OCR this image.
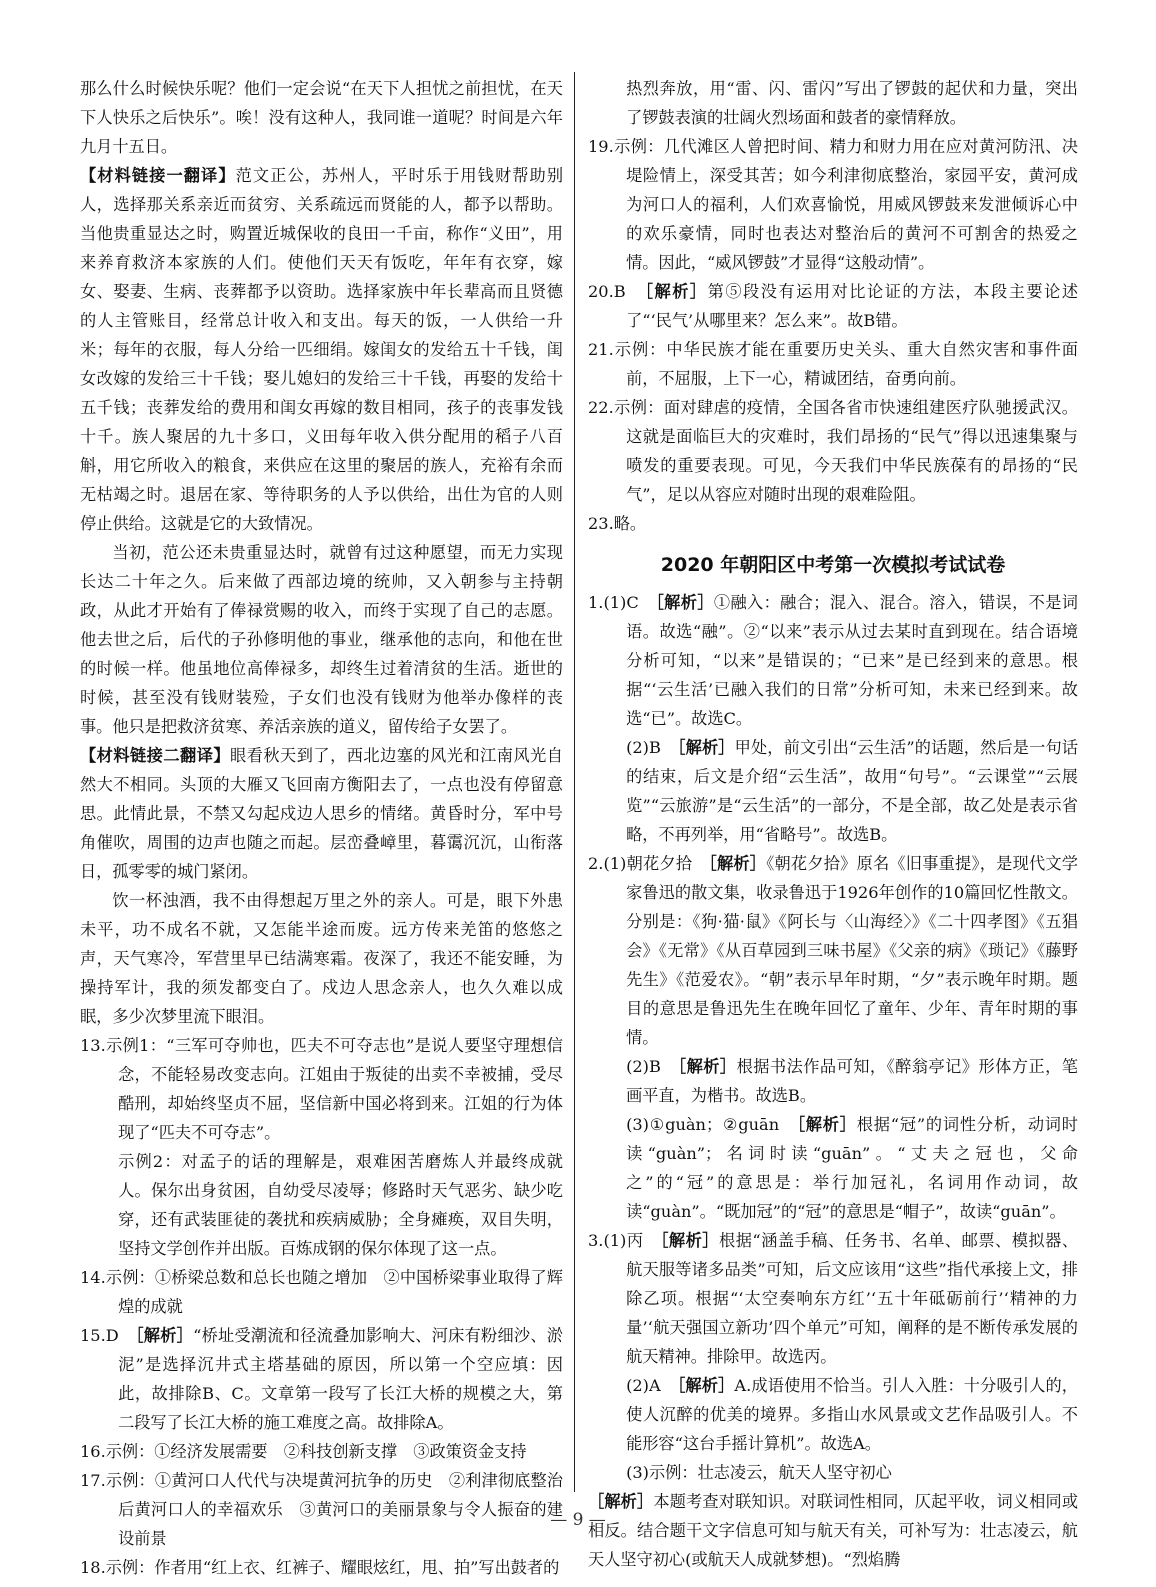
那么什么时候快乐呢？他们一定会说“在天下人担忧之前担忧，在天下人快乐之后快乐”。唉！没有这种人，我同谁一道呢？时间是六年九月十五日。

【材料链接一翻译】范文正公，苏州人，平时乐于用钱财帮助别人，选择那关系亲近而贫穷、关系疏远而贤能的人，都予以帮助。当他贵重显达之时，购置近城保收的良田一千亩，称作“义田”，用来养育救济本家族的人们。使他们天天有饭吃，年年有衣穿，嫁女、娶妻、生病、丧葬都予以资助。选择家族中年长辈高而且贤德的人主管账目，经常总计收入和支出。每天的饭，一人供给一升米；每年的衣服，每人分给一匹细绢。嫁闺女的发给五十千钱，闺女改嫁的发给三十千钱；娶儿媳妇的发给三十千钱，再娶的发给十五千钱；丧葬发给的费用和闺女再嫁的数目相同，孩子的丧事发钱十千。族人聚居的九十多口，义田每年收入供分配用的稻子八百斛，用它所收入的粮食，来供应在这里的聚居的族人，充裕有余而无枯竭之时。退居在家、等待职务的人予以供给，出仕为官的人则停止供给。这就是它的大致情况。

当初，范公还未贵重显达时，就曾有过这种愿望，而无力实现长达二十年之久。后来做了西部边境的统帅，又入朝参与主持朝政，从此才开始有了俸禄赏赐的收入，而终于实现了自己的志愿。他去世之后，后代的子孙修明他的事业，继承他的志向，和他在世的时候一样。他虽地位高俸禄多，却终生过着清贫的生活。逝世的时候，甚至没有钱财装殓，子女们也没有钱财为他举办像样的丧事。他只是把救济贫寒、养活亲族的道义，留传给子女罢了。

【材料链接二翻译】眼看秋天到了，西北边塞的风光和江南风光自然大不相同。头顶的大雁又飞回南方衡阳去了，一点也没有停留意思。此情此景，不禁又勾起戍边人思乡的情绪。黄昏时分，军中号角催吹，周围的边声也随之而起。层峦叠嶂里，暮霭沉沉，山衔落日，孤零零的城门紧闭。

饮一杯浊酒，我不由得想起万里之外的亲人。可是，眼下外患未平，功不成名不就，又怎能半途而废。远方传来羌笛的悠悠之声，天气寒冷，军营里早已结满寒霜。夜深了，我还不能安睡，为操持军计，我的须发都变白了。戍边人思念亲人，也久久难以成眠，多少次梦里流下眼泪。

13.示例1：“三军可夺帅也，匹夫不可夺志也”是说人要坚守理想信念，不能轻易改变志向。江姐由于叛徒的出卖不幸被捕，受尽酷刑，却始终坚贞不屈，坚信新中国必将到来。江姐的行为体现了“匹夫不可夺志”。

示例2：对孟子的话的理解是，艰难困苦磨炼人并最终成就人。保尔出身贫困，自幼受尽凌辱；修路时天气恶劣、缺少吃穿，还有武装匪徒的袭扰和疾病威胁；全身瘫痪，双目失明，坚持文学创作并出版。百炼成钢的保尔体现了这一点。

14.示例：①桥梁总数和总长也随之增加　②中国桥梁事业取得了辉煌的成就

15.D　［解析］“桥址受潮流和径流叠加影响大、河床有粉细沙、淤泥”是选择沉井式主塔基础的原因，所以第一个空应填：因此，故排除B、C。文章第一段写了长江大桥的规模之大，第二段写了长江大桥的施工难度之高。故排除A。

16.示例：①经济发展需要　②科技创新支撑　③政策资金支持

17.示例：①黄河口人代代与决堤黄河抗争的历史　②利津彻底整治后黄河口人的幸福欢乐　③黄河口的美丽景象与令人振奋的建设前景

18.示例：作者用“红上衣、红裤子、耀眼炫红，甩、拍”写出鼓者的

热烈奔放，用“雷、闪、雷闪”写出了锣鼓的起伏和力量，突出了锣鼓表演的壮阔火烈场面和鼓者的豪情释放。

19.示例：几代滩区人曾把时间、精力和财力用在应对黄河防汛、决堤险情上，深受其苦；如今利津彻底整治，家园平安，黄河成为河口人的福利，人们欢喜愉悦，用威风锣鼓来发泄倾诉心中的欢乐豪情，同时也表达对整治后的黄河不可割舍的热爱之情。因此，“威风锣鼓”才显得“这般动情”。

20.B　［解析］第⑤段没有运用对比论证的方法，本段主要论述了“‘民气’从哪里来？怎么来”。故B错。

21.示例：中华民族才能在重要历史关头、重大自然灾害和事件面前，不屈服，上下一心，精诚团结，奋勇向前。

22.示例：面对肆虐的疫情，全国各省市快速组建医疗队驰援武汉。这就是面临巨大的灾难时，我们昂扬的“民气”得以迅速集聚与喷发的重要表现。可见，今天我们中华民族葆有的昂扬的“民气”，足以从容应对随时出现的艰难险阻。

23.略。

2020 年朝阳区中考第一次模拟考试试卷

1.(1)C　［解析］①融入：融合；混入、混合。溶入，错误，不是词语。故选“融”。②“以来”表示从过去某时直到现在。结合语境分析可知，“以来”是错误的；“已来”是已经到来的意思。根据“‘云生活’已融入我们的日常”分析可知，未来已经到来。故选“已”。故选C。

(2)B　［解析］甲处，前文引出“云生活”的话题，然后是一句话的结束，后文是介绍“云生活”，故用“句号”。“云课堂”“云展览”“云旅游”是“云生活”的一部分，不是全部，故乙处是表示省略，不再列举，用“省略号”。故选B。

2.(1)朝花夕拾　［解析］《朝花夕拾》原名《旧事重提》，是现代文学家鲁迅的散文集，收录鲁迅于1926年创作的10篇回忆性散文。分别是：《狗·猫·鼠》《阿长与〈山海经〉》《二十四孝图》《五猖会》《无常》《从百草园到三味书屋》《父亲的病》《琐记》《藤野先生》《范爱农》。“朝”表示早年时期，“夕”表示晚年时期。题目的意思是鲁迅先生在晚年回忆了童年、少年、青年时期的事情。

(2)B　［解析］根据书法作品可知，《醉翁亭记》形体方正，笔画平直，为楷书。故选B。

(3)①guàn；②guān　［解析］根据“冠”的词性分析，动词时读“guàn”；名词时读“guān”。“丈夫之冠也，父命之”的“冠”的意思是：举行加冠礼，名词用作动词，故读“guàn”。“既加冠”的“冠”的意思是“帽子”，故读“guān”。

3.(1)丙　［解析］根据“涵盖手稿、任务书、名单、邮票、模拟器、航天服等诸多品类”可知，后文应该用“这些”指代承接上文，排除乙项。根据“‘太空奏响东方红’‘五十年砥砺前行’‘精神的力量’‘航天强国立新功’四个单元”可知，阐释的是不断传承发展的航天精神。排除甲。故选丙。

(2)A　［解析］A.成语使用不恰当。引人入胜：十分吸引人的，使人沉醉的优美的境界。多指山水风景或文艺作品吸引人。不能形容“这台手摇计算机”。故选A。

(3)示例：壮志凌云，航天人坚守初心

［解析］本题考查对联知识。对联词性相同，仄起平收，词义相同或相反。结合题干文字信息可知与航天有关，可补写为：壮志凌云，航天人坚守初心(或航天人成就梦想)。“烈焰腾

— 9 —
